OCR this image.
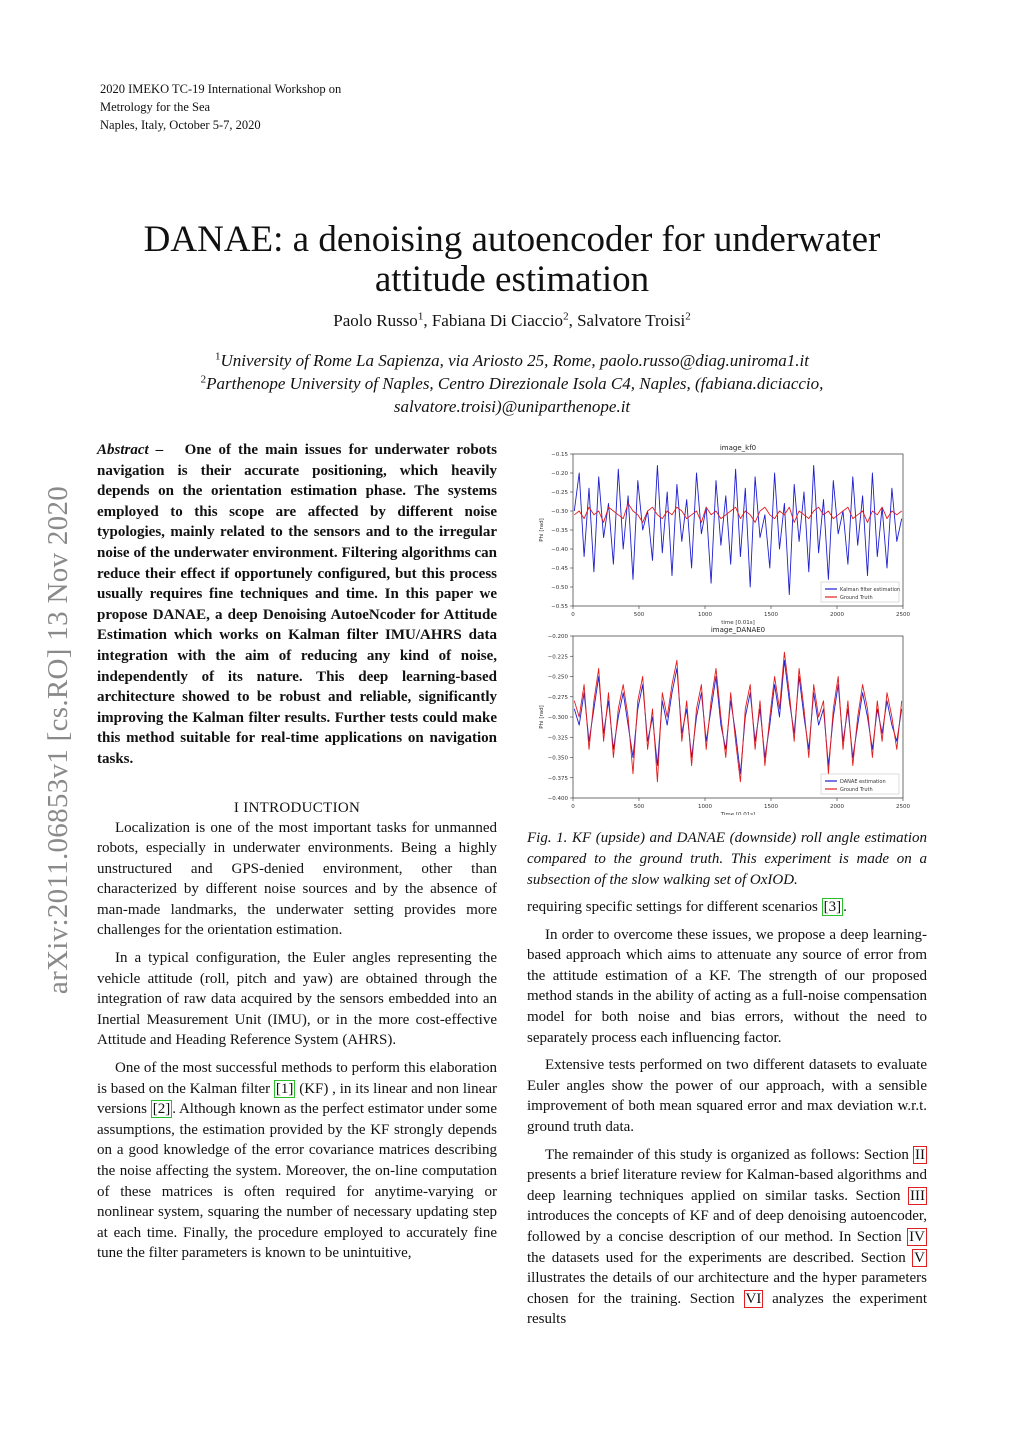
2020 IMEKO TC-19 International Workshop on
Metrology for the Sea
Naples, Italy, October 5-7, 2020
arXiv:2011.06853v1 [cs.RO] 13 Nov 2020
DANAE: a denoising autoencoder for underwater attitude estimation
Paolo Russo$^1$, Fabiana Di Ciaccio$^2$, Salvatore Troisi$^2$
$^1$University of Rome La Sapienza, via Ariosto 25, Rome, paolo.russo@diag.uniroma1.it
$^2$Parthenope University of Naples, Centro Direzionale Isola C4, Naples, (fabiana.diciaccio, salvatore.troisi)@uniparthenope.it

Abstract – One of the main issues for underwater robots navigation is their accurate positioning, which heavily depends on the orientation estimation phase. The systems employed to this scope are affected by different noise typologies, mainly related to the sensors and to the irregular noise of the underwater environment. Filtering algorithms can reduce their effect if opportunely configured, but this process usually requires fine techniques and time. In this paper we propose DANAE, a deep Denoising AutoeNcoder for Attitude Estimation which works on Kalman filter IMU/AHRS data integration with the aim of reducing any kind of noise, independently of its nature. This deep learning-based architecture showed to be robust and reliable, significantly improving the Kalman filter results. Further tests could make this method suitable for real-time applications on navigation tasks.

I INTRODUCTION

Localization is one of the most important tasks for unmanned robots, especially in underwater environments. Being a highly unstructured and GPS-denied environment, other than characterized by different noise sources and by the absence of man-made landmarks, the underwater setting provides more challenges for the orientation estimation.

In a typical configuration, the Euler angles representing the vehicle attitude (roll, pitch and yaw) are obtained through the integration of raw data acquired by the sensors embedded into an Inertial Measurement Unit (IMU), or in the more cost-effective Attitude and Heading Reference System (AHRS).

One of the most successful methods to perform this elaboration is based on the Kalman filter [1] (KF) , in its linear and non linear versions [2] . Although known as the perfect estimator under some assumptions, the estimation provided by the KF strongly depends on a good knowledge of the error covariance matrices describing the noise affecting the system. Moreover, the on-line computation of these matrices is often required for anytime-varying or nonlinear system, squaring the number of necessary updating step at each time. Finally, the procedure employed to accurately fine tune the filter parameters is known to be unintuitive,

image_kf0
−0.15
−0.20
−0.25
−0.30
−0.35
−0.40
−0.45
−0.50
−0.55
0	500	1000	1500	2000	2500
time [0.01s]
Phi [rad]
Kalman filter estimation
Ground Truth
image_DANAE0
−0.200
−0.225
−0.250
−0.275
−0.300
−0.325
−0.350
−0.375
−0.400
0	500	1000	1500	2000	2500
Time [0.01s]
Phi [rad]
DANAE estimation
Ground Truth
Fig. 1. KF (upside) and DANAE (downside) roll angle estimation compared to the ground truth. This experiment is made on a subsection of the slow walking set of OxIOD.

requiring specific settings for different scenarios [3] .

In order to overcome these issues, we propose a deep learning-based approach which aims to attenuate any source of error from the attitude estimation of a KF. The strength of our proposed method stands in the ability of acting as a full-noise compensation model for both noise and bias errors, without the need to separately process each influencing factor.

Extensive tests performed on two different datasets to evaluate Euler angles show the power of our approach, with a sensible improvement of both mean squared error and max deviation w.r.t. ground truth data.

The remainder of this study is organized as follows: Section II presents a brief literature review for Kalman-based algorithms and deep learning techniques applied on similar tasks. Section III introduces the concepts of KF and of deep denoising autoencoder, followed by a concise description of our method. In Section IV the datasets used for the experiments are described. Section V illustrates the details of our architecture and the hyper parameters chosen for the training. Section VI analyzes the experiment results
